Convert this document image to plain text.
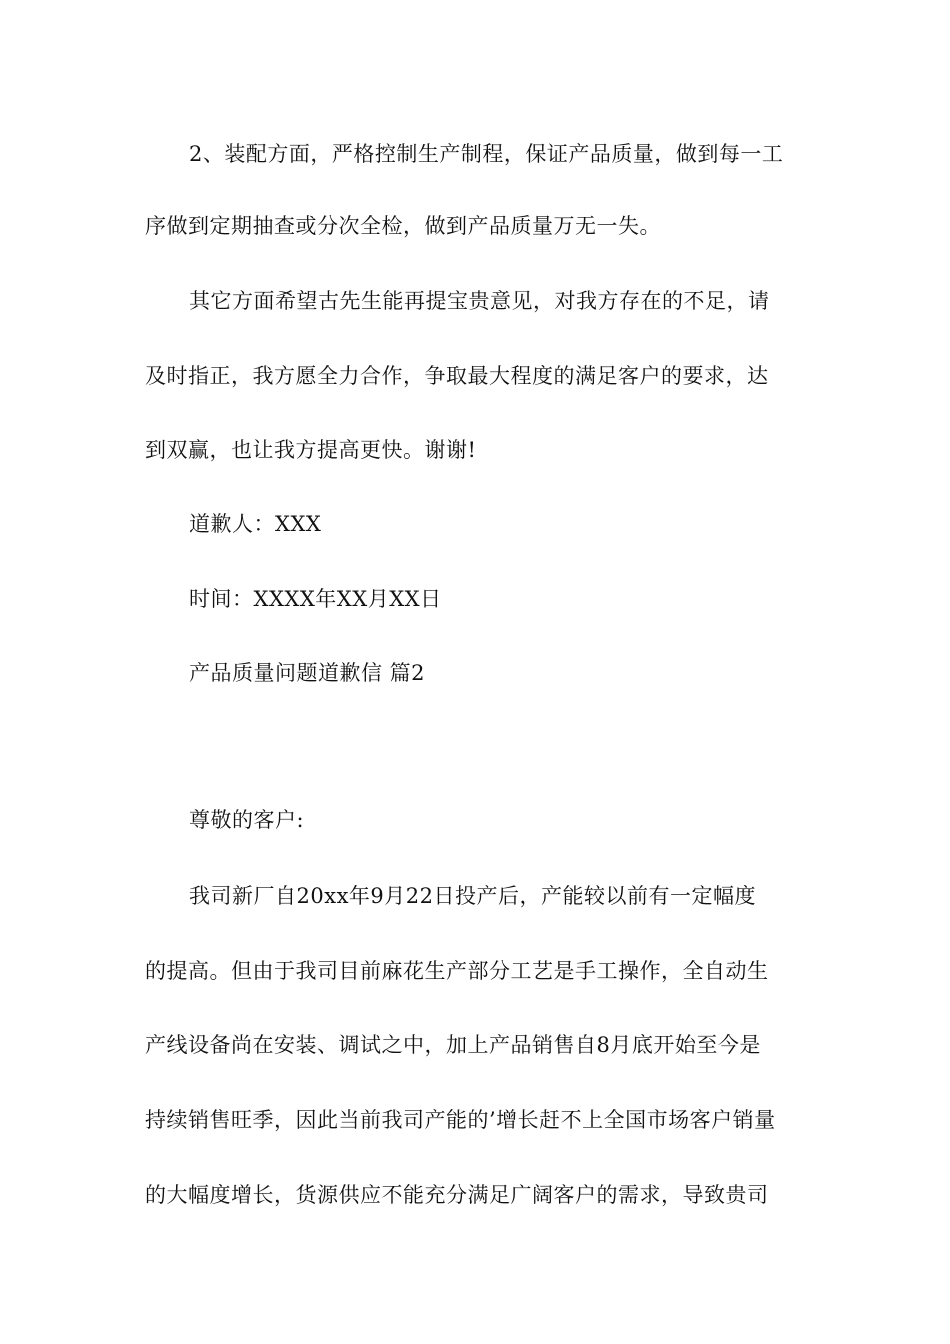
2、装配方面，严格控制生产制程，保证产品质量，做到每一工
序做到定期抽查或分次全检，做到产品质量万无一失。
其它方面希望古先生能再提宝贵意见，对我方存在的不足，请
及时指正，我方愿全力合作，争取最大程度的满足客户的要求，达
到双赢，也让我方提高更快。谢谢!
道歉人：XXX
时间：XXXX年XX月XX日
产品质量问题道歉信 篇2
尊敬的客户:
我司新厂自20xx年9月22日投产后，产能较以前有一定幅度
的提高。但由于我司目前麻花生产部分工艺是手工操作，全自动生
产线设备尚在安装、调试之中，加上产品销售自8月底开始至今是
持续销售旺季，因此当前我司产能的’增长赶不上全国市场客户销量
的大幅度增长，货源供应不能充分满足广阔客户的需求，导致贵司
